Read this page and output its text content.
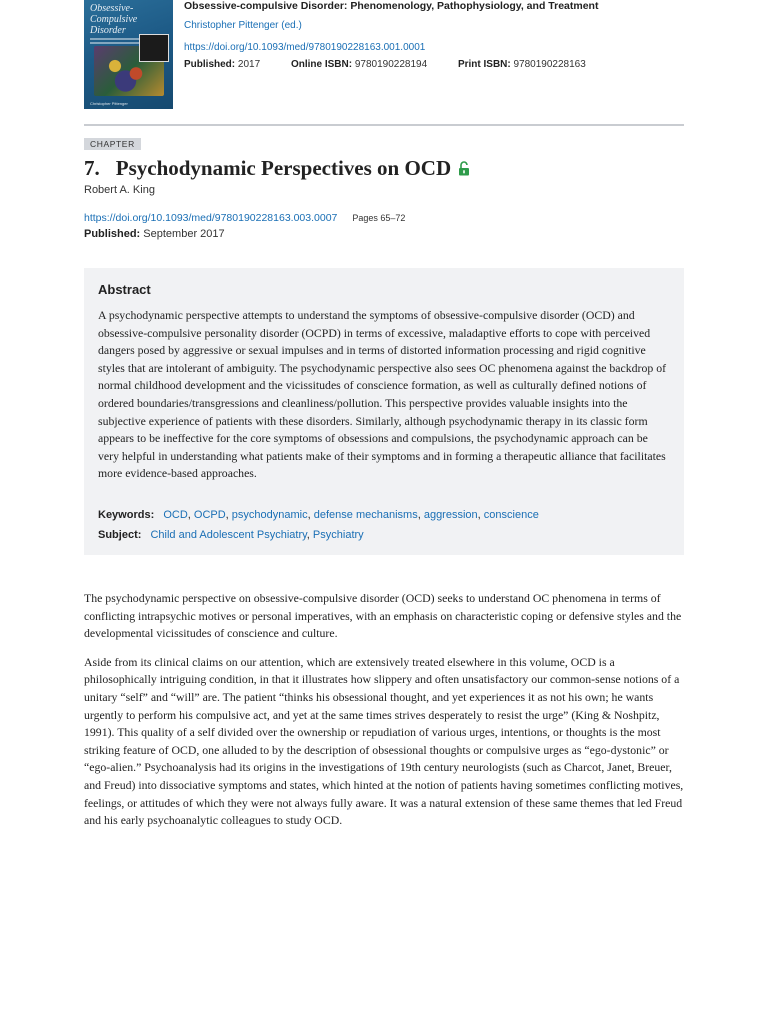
Obsessive-Compulsive Disorder
Christopher Pittenger
Obsessive-compulsive Disorder: Phenomenology, Pathophysiology, and Treatment
Christopher Pittenger (ed.)
https://doi.org/10.1093/med/9780190228163.001.0001
Published: 2017	Online ISBN: 9780190228194	Print ISBN: 9780190228163
CHAPTER
7. Psychodynamic Perspectives on OCD
Robert A. King
https://doi.org/10.1093/med/9780190228163.003.0007 Pages 65–72
Published: September 2017
Abstract

A psychodynamic perspective attempts to understand the symptoms of obsessive-compulsive disorder (OCD) and obsessive-compulsive personality disorder (OCPD) in terms of excessive, maladaptive efforts to cope with perceived dangers posed by aggressive or sexual impulses and in terms of distorted information processing and rigid cognitive styles that are intolerant of ambiguity. The psychodynamic perspective also sees OC phenomena against the backdrop of normal childhood development and the vicissitudes of conscience formation, as well as culturally defined notions of ordered boundaries/transgressions and cleanliness/pollution. This perspective provides valuable insights into the subjective experience of patients with these disorders. Similarly, although psychodynamic therapy in its classic form appears to be ineffective for the core symptoms of obsessions and compulsions, the psychodynamic approach can be very helpful in understanding what patients make of their symptoms and in forming a therapeutic alliance that facilitates more evidence-based approaches.

Keywords: OCD, OCPD, psychodynamic, defense mechanisms, aggression, conscience
Subject: Child and Adolescent Psychiatry, Psychiatry

The psychodynamic perspective on obsessive-compulsive disorder (OCD) seeks to understand OC phenomena in terms of conflicting intrapsychic motives or personal imperatives, with an emphasis on characteristic coping or defensive styles and the developmental vicissitudes of conscience and culture.

Aside from its clinical claims on our attention, which are extensively treated elsewhere in this volume, OCD is a philosophically intriguing condition, in that it illustrates how slippery and often unsatisfactory our common-sense notions of a unitary “self” and “will” are. The patient “thinks his obsessional thought, and yet experiences it as not his own; he wants urgently to perform his compulsive act, and yet at the same times strives desperately to resist the urge” (King & Noshpitz, 1991). This quality of a self divided over the ownership or repudiation of various urges, intentions, or thoughts is the most striking feature of OCD, one alluded to by the description of obsessional thoughts or compulsive urges as “ego-dystonic” or “ego-alien.” Psychoanalysis had its origins in the investigations of 19th century neurologists (such as Charcot, Janet, Breuer, and Freud) into dissociative symptoms and states, which hinted at the notion of patients having sometimes conflicting motives, feelings, or attitudes of which they were not always fully aware. It was a natural extension of these same themes that led Freud and his early psychoanalytic colleagues to study OCD.
